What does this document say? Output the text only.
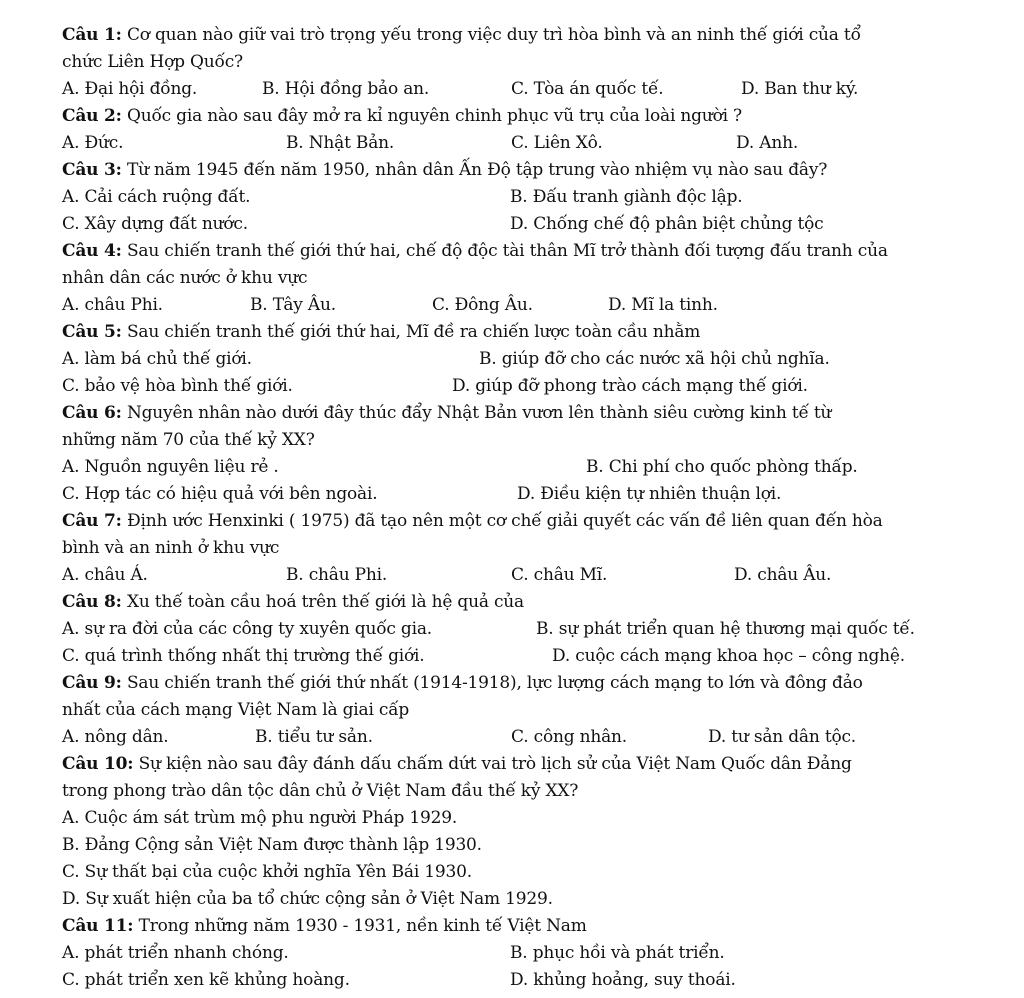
Câu 1: Cơ quan nào giữ vai trò trọng yếu trong việc duy trì hòa bình và an ninh thế giới của tổ
chức Liên Hợp Quốc?
A. Đại hội đồng.	B. Hội đồng bảo an.	C. Tòa án quốc tế.	D. Ban thư ký.
Câu 2: Quốc gia nào sau đây mở ra kỉ nguyên chinh phục vũ trụ của loài người ?
A. Đức.	B. Nhật Bản.	C. Liên Xô.	D. Anh.
Câu 3: Từ năm 1945 đến năm 1950, nhân dân Ấn Độ tập trung vào nhiệm vụ nào sau đây?
A. Cải cách ruộng đất.	B. Đấu tranh giành độc lập.
C. Xây dựng đất nước.	D. Chống chế độ phân biệt chủng tộc
Câu 4: Sau chiến tranh thế giới thứ hai, chế độ độc tài thân Mĩ trở thành đối tượng đấu tranh của
nhân dân các nước ở khu vực
A. châu Phi.	B. Tây Âu.	C. Đông Âu.	D. Mĩ la tinh.
Câu 5: Sau chiến tranh thế giới thứ hai, Mĩ đề ra chiến lược toàn cầu nhằm
A. làm bá chủ thế giới.	B. giúp đỡ cho các nước xã hội chủ nghĩa.
C. bảo vệ hòa bình thế giới.	D. giúp đỡ phong trào cách mạng thế giới.
Câu 6: Nguyên nhân nào dưới đây thúc đẩy Nhật Bản vươn lên thành siêu cường kinh tế từ
những năm 70 của thế kỷ XX?
A. Nguồn nguyên liệu rẻ .	B. Chi phí cho quốc phòng thấp.
C. Hợp tác có hiệu quả với bên ngoài.	D. Điều kiện tự nhiên thuận lợi.
Câu 7: Định ước Henxinki ( 1975) đã tạo nên một cơ chế giải quyết các vấn đề liên quan đến hòa
bình và an ninh ở khu vực
A. châu Á.	B. châu Phi.	C. châu Mĩ.	D. châu Âu.
Câu 8: Xu thế toàn cầu hoá trên thế giới là hệ quả của
A. sự ra đời của các công ty xuyên quốc gia.	B. sự phát triển quan hệ thương mại quốc tế.
C. quá trình thống nhất thị trường thế giới.	D. cuộc cách mạng khoa học – công nghệ.
Câu 9: Sau chiến tranh thế giới thứ nhất (1914-1918), lực lượng cách mạng to lớn và đông đảo
nhất của cách mạng Việt Nam là giai cấp
A. nông dân.	B. tiểu tư sản.	C. công nhân.	D. tư sản dân tộc.
Câu 10: Sự kiện nào sau đây đánh dấu chấm dứt vai trò lịch sử của Việt Nam Quốc dân Đảng
trong phong trào dân tộc dân chủ ở Việt Nam đầu thế kỷ XX?
A. Cuộc ám sát trùm mộ phu người Pháp 1929.
B. Đảng Cộng sản Việt Nam được thành lập 1930.
C. Sự thất bại của cuộc khởi nghĩa Yên Bái 1930.
D. Sự xuất hiện của ba tổ chức cộng sản ở Việt Nam 1929.
Câu 11: Trong những năm 1930 - 1931, nền kinh tế Việt Nam
A. phát triển nhanh chóng.	B. phục hồi và phát triển.
C. phát triển xen kẽ khủng hoàng.	D. khủng hoảng, suy thoái.
